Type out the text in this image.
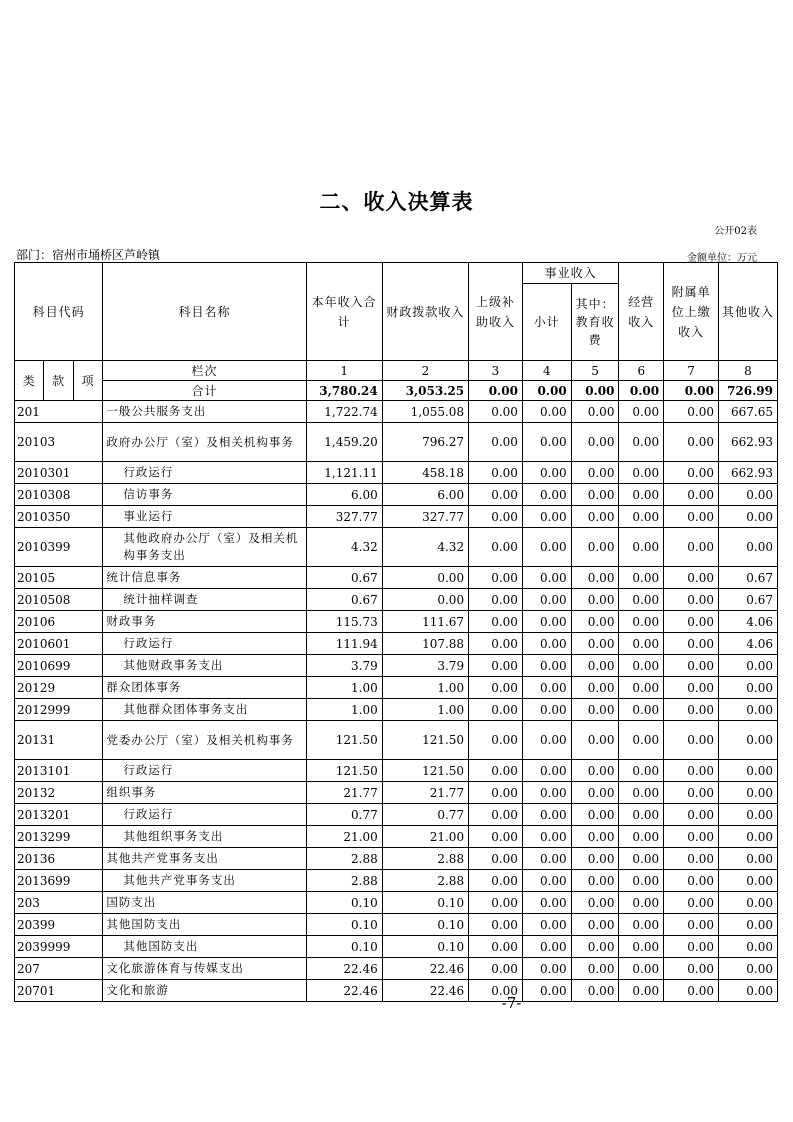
二、收入决算表
公开02表
部门：宿州市埇桥区芦岭镇	金额单位：万元
科目代码			科目名称	本年收入合计	财政拨款收入	上级补助收入	事业收入		经营收入	附属单位上缴收入	其他收入
							小计	其中：教育收费			
类	款	项	栏次	1	2	3	4	5	6	7	8
			合计	3,780.24	3,053.25	0.00	0.00	0.00	0.00	0.00	726.99
201			一般公共服务支出	1,722.74	1,055.08	0.00	0.00	0.00	0.00	0.00	667.65
20103			政府办公厅（室）及相关机构事务	1,459.20	796.27	0.00	0.00	0.00	0.00	0.00	662.93
2010301			行政运行	1,121.11	458.18	0.00	0.00	0.00	0.00	0.00	662.93
2010308			信访事务	6.00	6.00	0.00	0.00	0.00	0.00	0.00	0.00
2010350			事业运行	327.77	327.77	0.00	0.00	0.00	0.00	0.00	0.00
2010399			其他政府办公厅（室）及相关机构事务支出	4.32	4.32	0.00	0.00	0.00	0.00	0.00	0.00
20105			统计信息事务	0.67	0.00	0.00	0.00	0.00	0.00	0.00	0.67
2010508			统计抽样调查	0.67	0.00	0.00	0.00	0.00	0.00	0.00	0.67
20106			财政事务	115.73	111.67	0.00	0.00	0.00	0.00	0.00	4.06
2010601			行政运行	111.94	107.88	0.00	0.00	0.00	0.00	0.00	4.06
2010699			其他财政事务支出	3.79	3.79	0.00	0.00	0.00	0.00	0.00	0.00
20129			群众团体事务	1.00	1.00	0.00	0.00	0.00	0.00	0.00	0.00
2012999			其他群众团体事务支出	1.00	1.00	0.00	0.00	0.00	0.00	0.00	0.00
20131			党委办公厅（室）及相关机构事务	121.50	121.50	0.00	0.00	0.00	0.00	0.00	0.00
2013101			行政运行	121.50	121.50	0.00	0.00	0.00	0.00	0.00	0.00
20132			组织事务	21.77	21.77	0.00	0.00	0.00	0.00	0.00	0.00
2013201			行政运行	0.77	0.77	0.00	0.00	0.00	0.00	0.00	0.00
2013299			其他组织事务支出	21.00	21.00	0.00	0.00	0.00	0.00	0.00	0.00
20136			其他共产党事务支出	2.88	2.88	0.00	0.00	0.00	0.00	0.00	0.00
2013699			其他共产党事务支出	2.88	2.88	0.00	0.00	0.00	0.00	0.00	0.00
203			国防支出	0.10	0.10	0.00	0.00	0.00	0.00	0.00	0.00
20399			其他国防支出	0.10	0.10	0.00	0.00	0.00	0.00	0.00	0.00
2039999			其他国防支出	0.10	0.10	0.00	0.00	0.00	0.00	0.00	0.00
207			文化旅游体育与传媒支出	22.46	22.46	0.00	0.00	0.00	0.00	0.00	0.00
20701			文化和旅游	22.46	22.46	0.00	0.00	0.00	0.00	0.00	0.00
-7-
